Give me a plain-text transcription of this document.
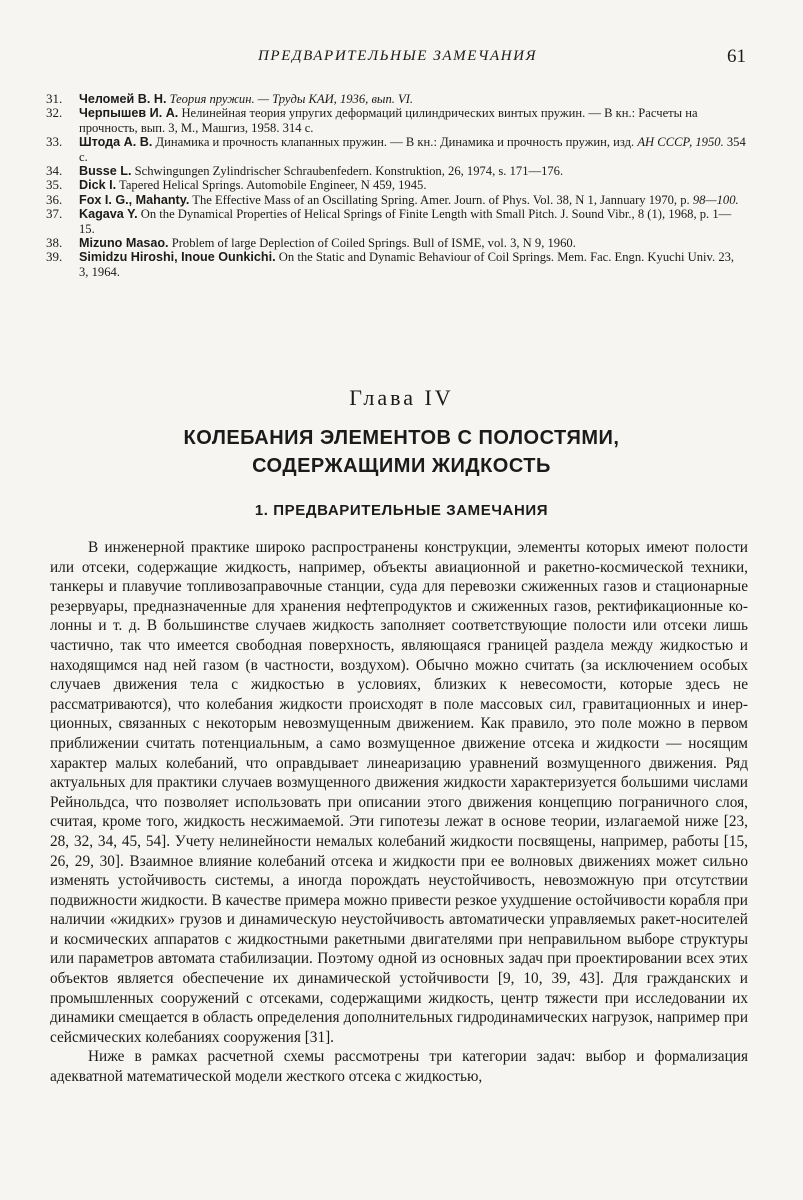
ПРЕДВАРИТЕЛЬНЫЕ ЗАМЕЧАНИЯ	61

31. Челомей В. Н. Теория пружин. — Труды КАИ, 1936, вып. VI.

32. Черпышев И. А. Нелинейная теория упругих деформаций цилиндрических винтых пружин. — В кн.: Расчеты на прочность, вып. 3, М., Машгиз, 1958. 314 с.

33. Штода А. В. Динамика и прочность клапанных пружин. — В кн.: Динамика и прочность пружин, изд. АН СССР, 1950. 354 с.

34. Busse L. Schwingungen Zylindrischer Schraubenfedern. Konstruktion, 26, 1974, s. 171—176.

35. Dick I. Tapered Helical Springs. Automobile Engineer, N 459, 1945.

36. Fox I. G., Mahanty. The Effective Mass of an Oscillating Spring. Amer. Journ. of Phys. Vol. 38, N 1, Jannuary 1970, p. 98—100.

37. Kagava Y. On the Dynamical Properties of Helical Springs of Finite Length with Small Pitch. J. Sound Vibr., 8 (1), 1968, p. 1—15.

38. Mizuno Masao. Problem of large Deplection of Coiled Springs. Bull of ISME, vol. 3, N 9, 1960.

39. Simidzu Hiroshi, Inoue Ounkichi. On the Static and Dynamic Behaviour of Coil Springs. Mem. Fac. Engn. Kyuchi Univ. 23, 3, 1964.

Глава IV
КОЛЕБАНИЯ ЭЛЕМЕНТОВ С ПОЛОСТЯМИ,
СОДЕРЖАЩИМИ ЖИДКОСТЬ
1. ПРЕДВАРИТЕЛЬНЫЕ ЗАМЕЧАНИЯ

В инженерной практике широко распространены конструкции, элементы которых имеют полости или отсеки, содержащие жидкость, например, объекты авиационной и ракетно-космической техники, танкеры и плавучие топливозаправочные станции, суда для перевозки сжиженных газов и стационарные резервуары, предназначенные для хранения нефтепродуктов и сжиженных газов, ректификационные колонны и т. д. В большинстве случаев жидкость заполняет соответствующие полости или отсеки лишь частично, так что имеется свободная поверхность, являющаяся границей раздела между жидкостью и находящимся над ней газом (в частности, воздухом). Обычно можно считать (за исключением особых случаев движения тела с жидкостью в условиях, близких к невесомости, которые здесь не рассматриваются), что колебания жидкости происходят в поле массовых сил, гравитационных и инерционных, связанных с некоторым невозмущенным движением. Как правило, это поле можно в первом приближении считать потенциальным, а само возмущенное движение отсека и жидкости — носящим характер малых колебаний, что оправдывает линеаризацию уравнений возмущенного движения. Ряд актуальных для практики случаев возмущенного движения жидкости характеризуется большими числами Рейнольдса, что позволяет использовать при описании этого движения концепцию пограничного слоя, считая, кроме того, жидкость несжимаемой. Эти гипотезы лежат в основе теории, излагаемой ниже [23, 28, 32, 34, 45, 54]. Учету нелинейности немалых колебаний жидкости посвящены, например, работы [15, 26, 29, 30]. Взаимное влияние колебаний отсека и жидкости при ее волновых движениях может сильно изменять устойчивость системы, а иногда порождать неустойчивость, невозможную при отсутствии подвижности жидкости. В качестве примера можно привести резкое ухудшение остойчивости корабля при наличии «жидких» грузов и динамическую неустойчивость автоматически управляемых ракет-носителей и космических аппаратов с жидкостными ракетными двигателями при неправильном выборе структуры или параметров автомата стабилизации. Поэтому одной из основных задач при проектировании всех этих объектов является обеспечение их динамической устойчивости [9, 10, 39, 43]. Для гражданских и промышленных сооружений с отсеками, содержащими жидкость, центр тяжести при исследовании их динамики смещается в область определения дополнительных гидродинамических нагрузок, например при сейсмических колебаниях сооружения [31].

Ниже в рамках расчетной схемы рассмотрены три категории задач: выбор и формализация адекватной математической модели жесткого отсека с жидкостью,
